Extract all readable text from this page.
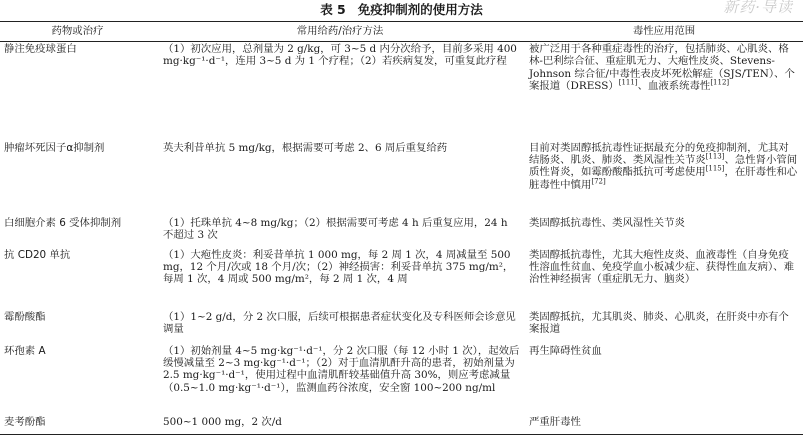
表 5 免疫抑制剂的使用方法	新药·导读
药物或治疗	常用给药/治疗方法	毒性应用范围
静注免疫球蛋白	（1）初次应用，总剂量为 2 g/kg，可 3~5 d 内分次给予，目前多采用 400 mg·kg⁻¹·d⁻¹，连用 3~5 d 为 1 个疗程；（2）若疾病复发，可重复此疗程	被广泛用于各种重症毒性的治疗，包括肺炎、心肌炎、格林-巴利综合征、重症肌无力、大疱性皮炎、Stevens-Johnson 综合征/中毒性表皮坏死松解症（SJS/TEN）、个案报道（DRESS）[111]、血液系统毒性[112]
肿瘤坏死因子α抑制剂	英夫利昔单抗 5 mg/kg，根据需要可考虑 2、6 周后重复给药	目前对类固醇抵抗毒性证据最充分的免疫抑制剂，尤其对结肠炎、肌炎、肺炎、类风湿性关节炎[113]、急性肾小管间质性肾炎，如霉酚酸酯抵抗可考虑使用[115]，在肝毒性和心脏毒性中慎用[72]
白细胞介素 6 受体抑制剂	（1）托珠单抗 4~8 mg/kg；（2）根据需要可考虑 4 h 后重复应用，24 h 不超过 3 次	类固醇抵抗毒性、类风湿性关节炎
抗 CD20 单抗	（1）大疱性皮炎：利妥昔单抗 1 000 mg，每 2 周 1 次，4 周减量至 500 mg，12 个月/次或 18 个月/次；（2）神经损害：利妥昔单抗 375 mg/m²，每周 1 次，4 周或 500 mg/m²，每 2 周 1 次，4 周	类固醇抵抗毒性，尤其大疱性皮炎、血液毒性（自身免疫性溶血性贫血、免疫学血小板减少症、获得性血友病）、难治性神经损害（重症肌无力、脑炎）
霉酚酸酯	（1）1~2 g/d，分 2 次口服，后续可根据患者症状变化及专科医师会诊意见调量	类固醇抵抗，尤其肌炎、肺炎、心肌炎，在肝炎中亦有个案报道
环孢素 A	（1）初始剂量 4~5 mg·kg⁻¹·d⁻¹，分 2 次口服（每 12 小时 1 次），起效后缓慢减量至 2~3 mg·kg⁻¹·d⁻¹；（2）对于血清肌酐升高的患者，初始剂量为 2.5 mg·kg⁻¹·d⁻¹，使用过程中血清肌酐较基础值升高 30%，则应考虑减量（0.5~1.0 mg·kg⁻¹·d⁻¹），监测血药谷浓度，安全窗 100~200 ng/ml	再生障碍性贫血
麦考酚酯	500~1 000 mg，2 次/d	严重肝毒性
